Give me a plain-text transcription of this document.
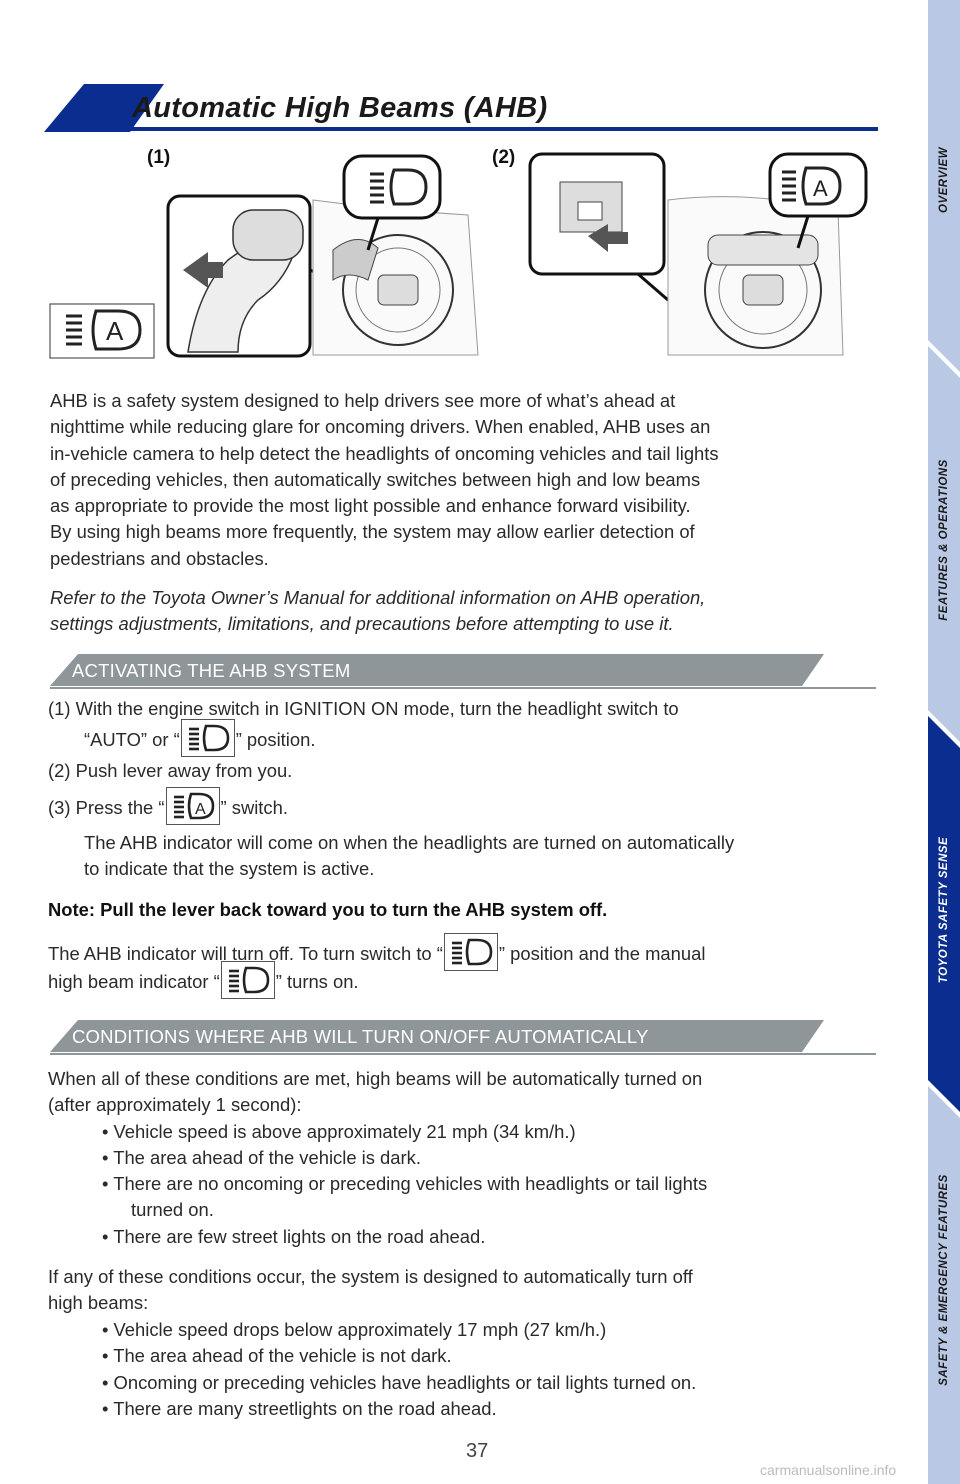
Automatic High Beams (AHB)
OVERVIEW
FEATURES & OPERATIONS
TOYOTA SAFETY SENSE
SAFETY & EMERGENCY FEATURES
A
A
(1)	(2)
AHB is a safety system designed to help drivers see more of what’s ahead at
nighttime while reducing glare for oncoming drivers. When enabled, AHB uses an
in-vehicle camera to help detect the headlights of oncoming vehicles and tail lights
of preceding vehicles, then automatically switches between high and low beams
as appropriate to provide the most light possible and enhance forward visibility.
By using high beams more frequently, the system may allow earlier detection of
pedestrians and obstacles.
Refer to the Toyota Owner’s Manual for additional information on AHB operation,
settings adjustments, limitations, and precautions before attempting to use it.
ACTIVATING THE AHB SYSTEM
(1) With the engine switch in IGNITION ON mode, turn the headlight switch to
“AUTO” or “	” position.
(2) Push lever away from you.
(3) Press the “ A ” switch.
The AHB indicator will come on when the headlights are turned on automatically
to indicate that the system is active.
Note: Pull the lever back toward you to turn the AHB system off.
The AHB indicator will turn off. To turn switch to “	” position and the manual
high beam indicator “	” turns on.
CONDITIONS WHERE AHB WILL TURN ON/OFF AUTOMATICALLY
When all of these conditions are met, high beams will be automatically turned on
(after approximately 1 second):
• Vehicle speed is above approximately 21 mph (34 km/h.)
• The area ahead of the vehicle is dark.
• There are no oncoming or preceding vehicles with headlights or tail lights
turned on.
• There are few street lights on the road ahead.
If any of these conditions occur, the system is designed to automatically turn off
high beams:
• Vehicle speed drops below approximately 17 mph (27 km/h.)
• The area ahead of the vehicle is not dark.
• Oncoming or preceding vehicles have headlights or tail lights turned on.
• There are many streetlights on the road ahead.
37
carmanualsonline.info
